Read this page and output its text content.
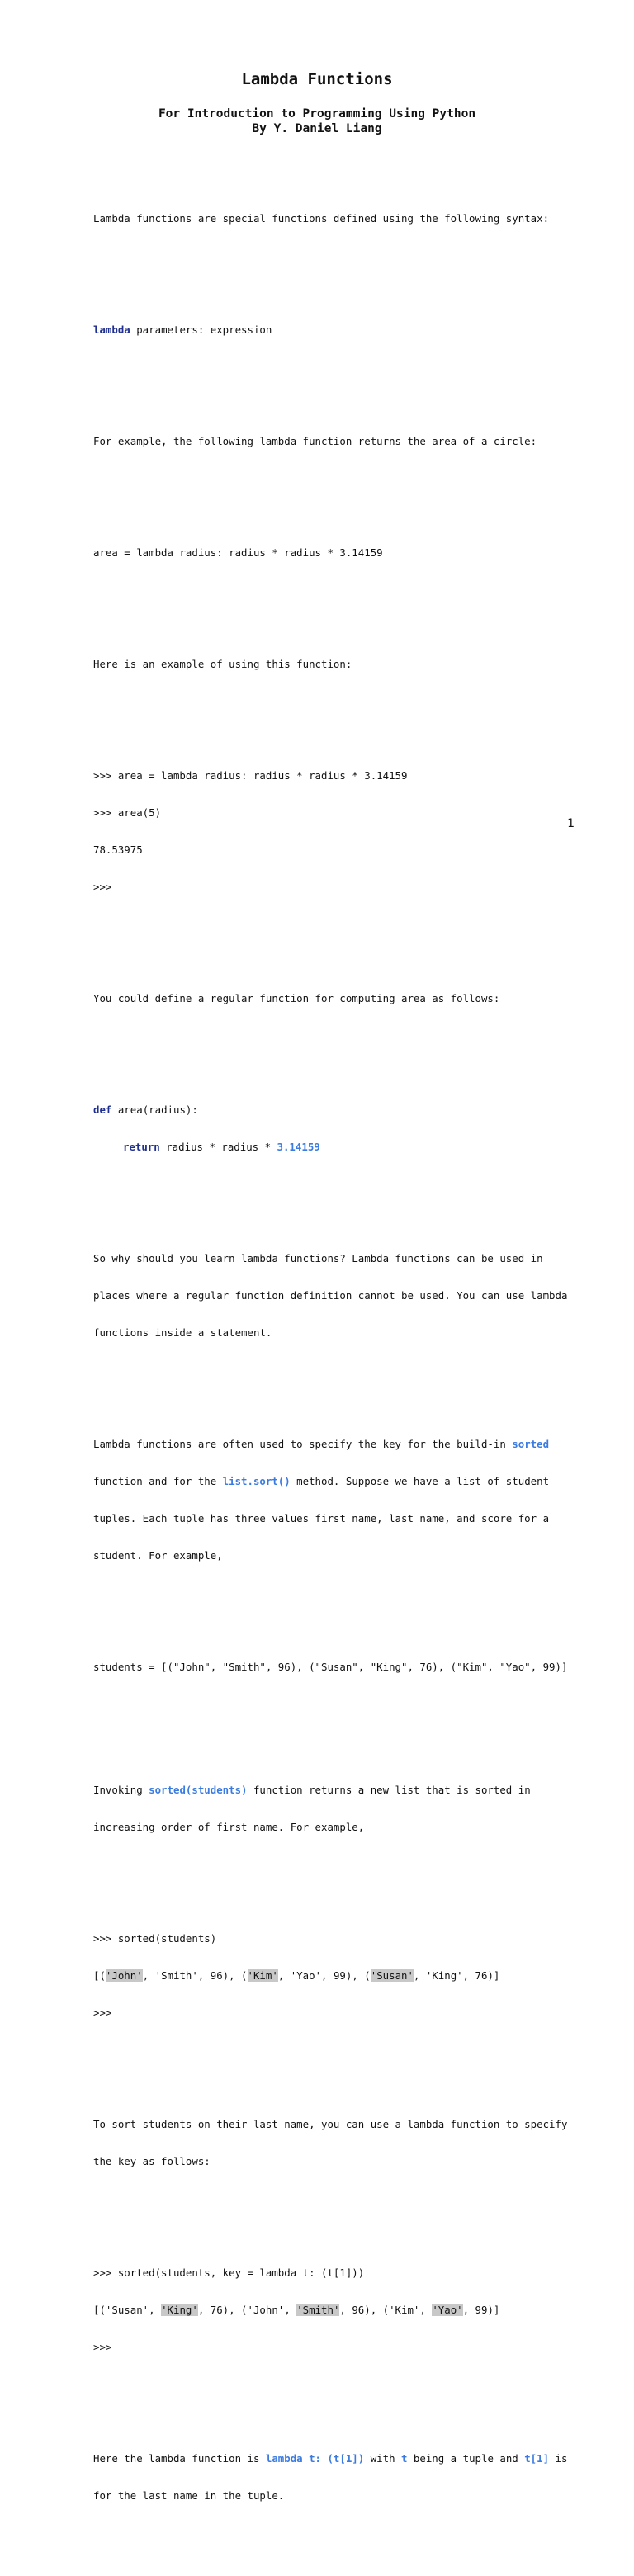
Lambda Functions
For Introduction to Programming Using Python
By Y. Daniel Liang

Lambda functions are special functions defined using the following syntax:

lambda parameters: expression

For example, the following lambda function returns the area of a circle:

area = lambda radius: radius * radius * 3.14159

Here is an example of using this function:

>>> area = lambda radius: radius * radius * 3.14159

>>> area(5)

78.53975

>>>

You could define a regular function for computing area as follows:

def area(radius):

return radius * radius * 3.14159

So why should you learn lambda functions? Lambda functions can be used in

places where a regular function definition cannot be used. You can use lambda

functions inside a statement.

Lambda functions are often used to specify the key for the build-in sorted

function and for the list.sort() method. Suppose we have a list of student

tuples. Each tuple has three values first name, last name, and score for a

student. For example,

students = [("John", "Smith", 96), ("Susan", "King", 76), ("Kim", "Yao", 99)]

Invoking sorted(students) function returns a new list that is sorted in

increasing order of first name. For example,

>>> sorted(students)

[('John', 'Smith', 96), ('Kim', 'Yao', 99), ('Susan', 'King', 76)]

>>>

To sort students on their last name, you can use a lambda function to specify

the key as follows:

>>> sorted(students, key = lambda t: (t[1]))

[('Susan', 'King', 76), ('John', 'Smith', 96), ('Kim', 'Yao', 99)]

>>>

Here the lambda function is lambda t: (t[1]) with t being a tuple and t[1] is

for the last name in the tuple.

1
